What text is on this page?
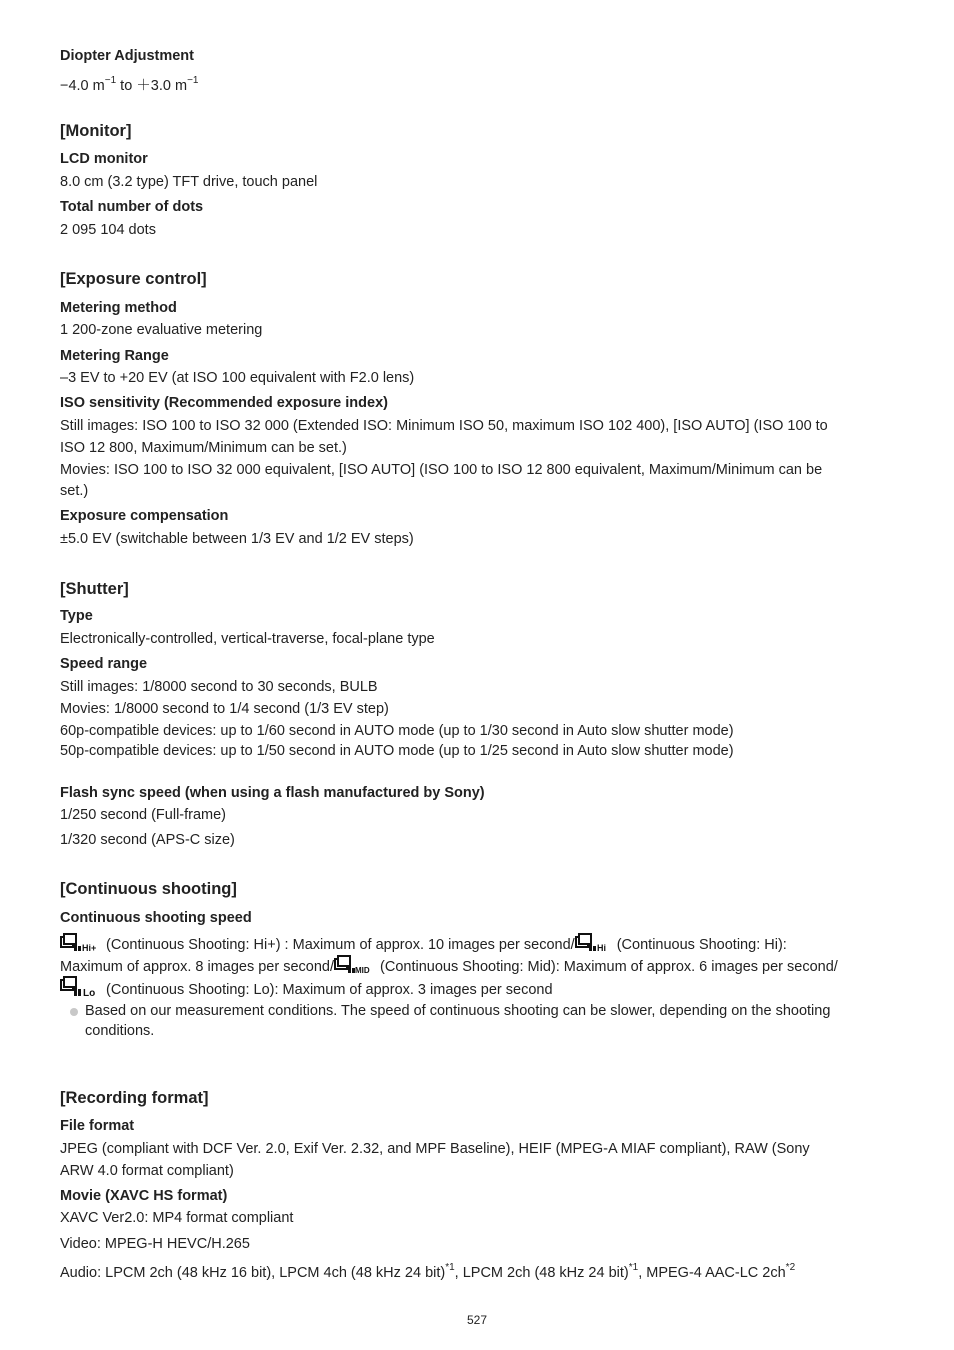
Diopter Adjustment
−4.0 $m^{-1}$ to ＋3.0 $m^{-1}$
[Monitor]
LCD monitor
8.0 cm (3.2 type) TFT drive, touch panel
Total number of dots
2 095 104 dots
[Exposure control]
Metering method
1 200-zone evaluative metering
Metering Range
–3 EV to +20 EV (at ISO 100 equivalent with F2.0 lens)
ISO sensitivity (Recommended exposure index)
Still images: ISO 100 to ISO 32 000 (Extended ISO: Minimum ISO 50, maximum ISO 102 400), [ISO AUTO] (ISO 100 to
ISO 12 800, Maximum/Minimum can be set.)
Movies: ISO 100 to ISO 32 000 equivalent, [ISO AUTO] (ISO 100 to ISO 12 800 equivalent, Maximum/Minimum can be
set.)
Exposure compensation
±5.0 EV (switchable between 1/3 EV and 1/2 EV steps)
[Shutter]
Type
Electronically-controlled, vertical-traverse, focal-plane type
Speed range
Still images: 1/8000 second to 30 seconds, BULB
Movies: 1/8000 second to 1/4 second (1/3 EV step)
60p-compatible devices: up to 1/60 second in AUTO mode (up to 1/30 second in Auto slow shutter mode)
50p-compatible devices: up to 1/50 second in AUTO mode (up to 1/25 second in Auto slow shutter mode)
Flash sync speed (when using a flash manufactured by Sony)
1/250 second (Full-frame)
1/320 second (APS-C size)
[Continuous shooting]
Continuous shooting speed
Hi+ (Continuous Shooting: Hi+) : Maximum of approx. 10 images per second/ Hi (Continuous Shooting: Hi):
Maximum of approx. 8 images per second/	MID (Continuous Shooting: Mid): Maximum of approx. 6 images per second/
Lo (Continuous Shooting: Lo): Maximum of approx. 3 images per second
Based on our measurement conditions. The speed of continuous shooting can be slower, depending on the shooting
conditions.
[Recording format]
File format
JPEG (compliant with DCF Ver. 2.0, Exif Ver. 2.32, and MPF Baseline), HEIF (MPEG-A MIAF compliant), RAW (Sony
ARW 4.0 format compliant)
Movie (XAVC HS format)
XAVC Ver2.0: MP4 format compliant
Video: MPEG-H HEVC/H.265
Audio: LPCM 2ch (48 kHz 16 bit), LPCM 4ch (48 kHz 24 bit)$^{*1}$, LPCM 2ch (48 kHz 24 bit)$^{*1}$, MPEG-4 AAC-LC $2ch^{*2}$
527
